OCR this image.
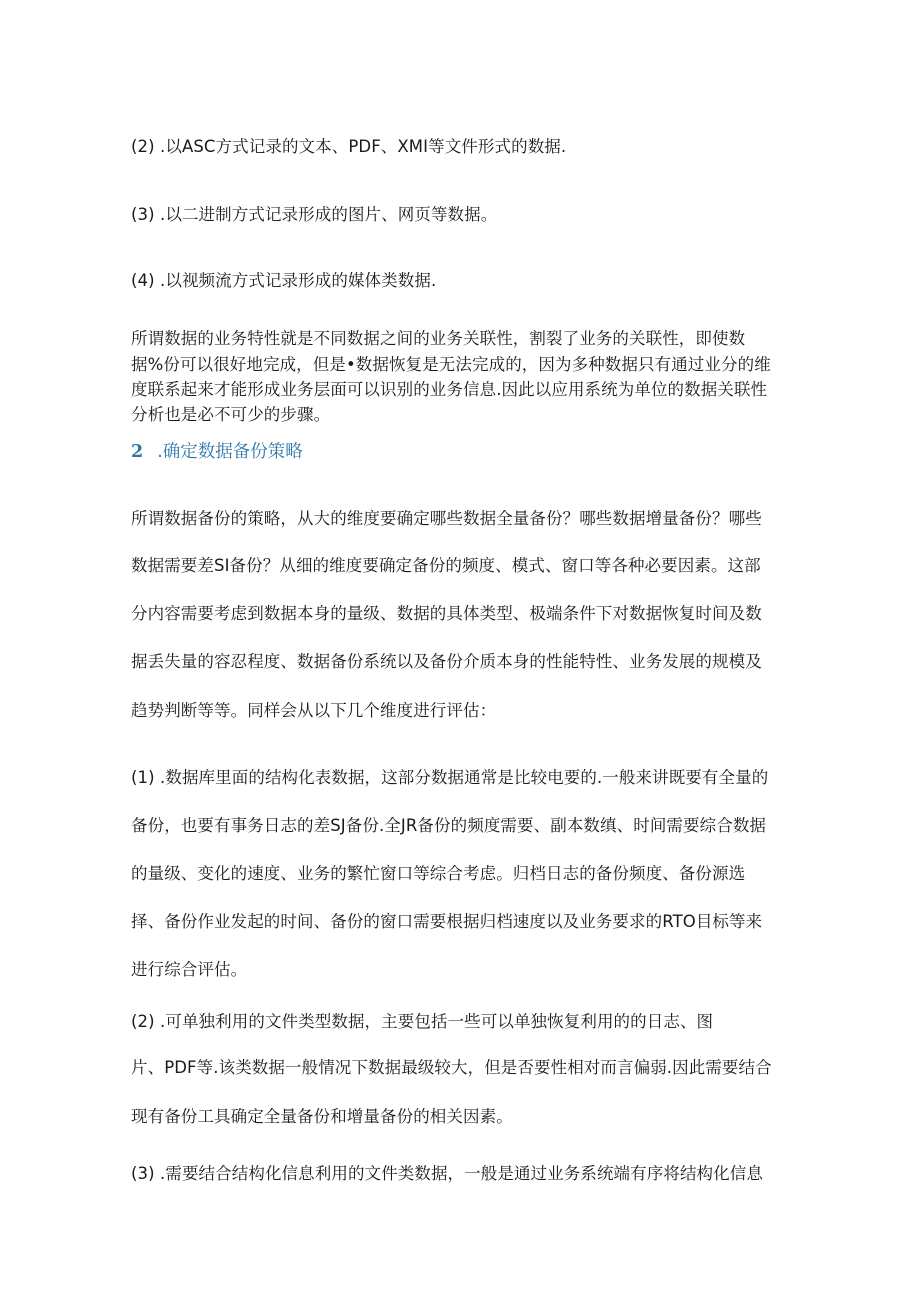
(2) .以ASC方式记录的文本、PDF、XMI等文件形式的数据.
(3) .以二进制方式记录形成的图片、网页等数据。
(4) .以视频流方式记录形成的媒体类数据.
所谓数据的业务特性就是不同数据之间的业务关联性，割裂了业务的关联性，即使数
据%份可以很好地完成，但是•数据恢复是无法完成的，因为多种数据只有通过业分的维
度联系起来才能形成业务层面可以识别的业务信息.因此以应用系统为单位的数据关联性
分析也是必不可少的步骤。
2 .确定数据备份策略
所谓数据备份的策略，从大的维度要确定哪些数据全量备份？哪些数据增量备份？哪些
数据需要差SI备份？从细的维度要确定备份的频度、模式、窗口等各种必要因素。这部
分内容需要考虑到数据本身的量级、数据的具体类型、极端条件下对数据恢复时间及数
据丢失量的容忍程度、数据备份系统以及备份介质本身的性能特性、业务发展的规模及
趋势判断等等。同样会从以下几个维度进行评估：
(1) .数据库里面的结构化表数据，这部分数据通常是比较电要的.一般来讲既要有全量的
备份，也要有事务日志的差SJ备份.全JR备份的频度需要、副本数缜、时间需要综合数据
的量级、变化的速度、业务的繁忙窗口等综合考虑。归档日志的备份频度、备份源选
择、备份作业发起的时间、备份的窗口需要根据归档速度以及业务要求的RTO目标等来
进行综合评估。
(2) .可单独利用的文件类型数据，主要包括一些可以单独恢复利用的的日志、图
片、PDF等.该类数据一般情况下数据最级较大，但是否要性相对而言偏弱.因此需要结合
现有备份工具确定全量备份和增量备份的相关因素。
(3) .需要结合结构化信息利用的文件类数据，一般是通过业务系统端有序将结构化信息
